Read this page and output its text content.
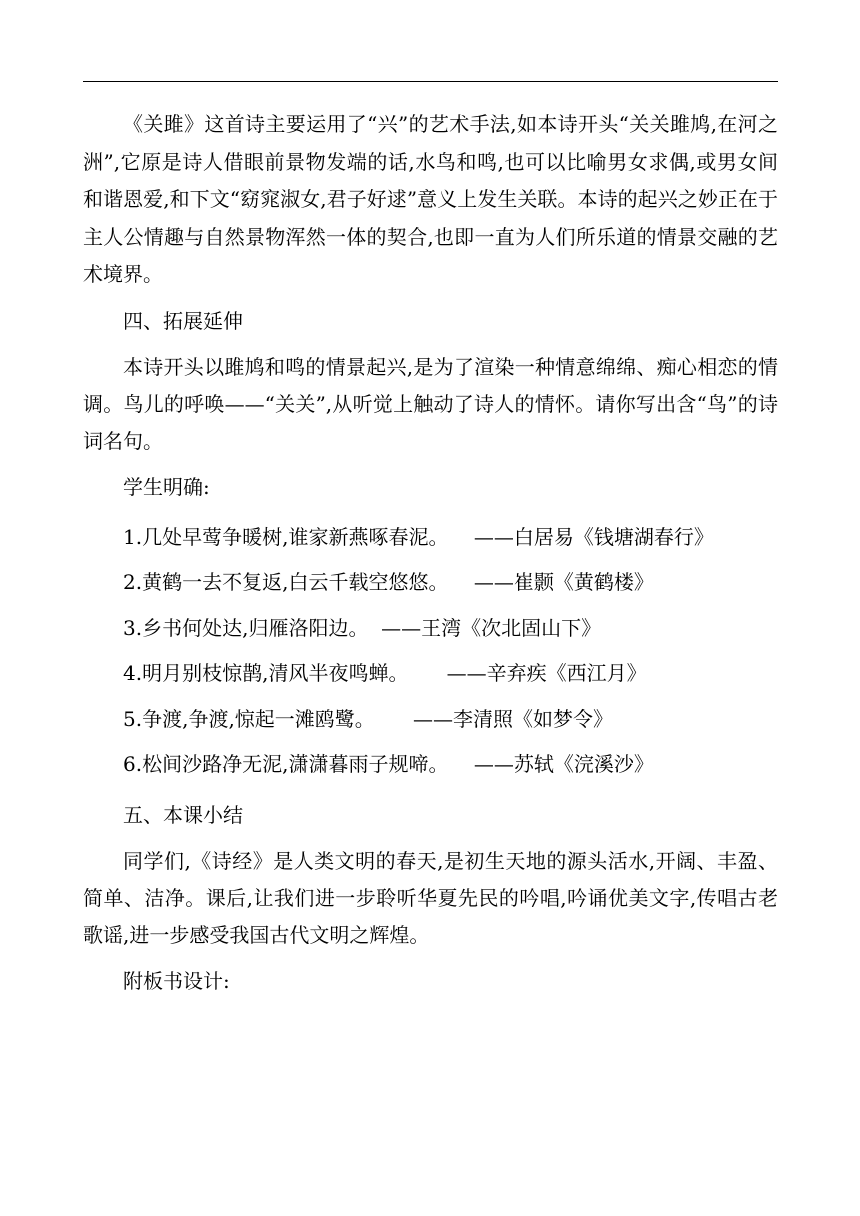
《关雎》这首诗主要运用了“兴”的艺术手法,如本诗开头“关关雎鸠,在河之洲”,它原是诗人借眼前景物发端的话,水鸟和鸣,也可以比喻男女求偶,或男女间和谐恩爱,和下文“窈窕淑女,君子好逑”意义上发生关联。本诗的起兴之妙正在于主人公情趣与自然景物浑然一体的契合,也即一直为人们所乐道的情景交融的艺术境界。

四、拓展延伸

本诗开头以雎鸠和鸣的情景起兴,是为了渲染一种情意绵绵、痴心相恋的情调。鸟儿的呼唤——“关关”,从听觉上触动了诗人的情怀。请你写出含“鸟”的诗词名句。

学生明确:

1.几处早莺争暖树,谁家新燕啄春泥。    ——白居易《钱塘湖春行》

2.黄鹤一去不复返,白云千载空悠悠。    ——崔颢《黄鹤楼》

3.乡书何处达,归雁洛阳边。  ——王湾《次北固山下》

4.明月别枝惊鹊,清风半夜鸣蝉。      ——辛弃疾《西江月》

5.争渡,争渡,惊起一滩鸥鹭。      ——李清照《如梦令》

6.松间沙路净无泥,潇潇暮雨子规啼。    ——苏轼《浣溪沙》

五、本课小结

同学们,《诗经》是人类文明的春天,是初生天地的源头活水,开阔、丰盈、简单、洁净。课后,让我们进一步聆听华夏先民的吟唱,吟诵优美文字,传唱古老歌谣,进一步感受我国古代文明之辉煌。

附板书设计:
